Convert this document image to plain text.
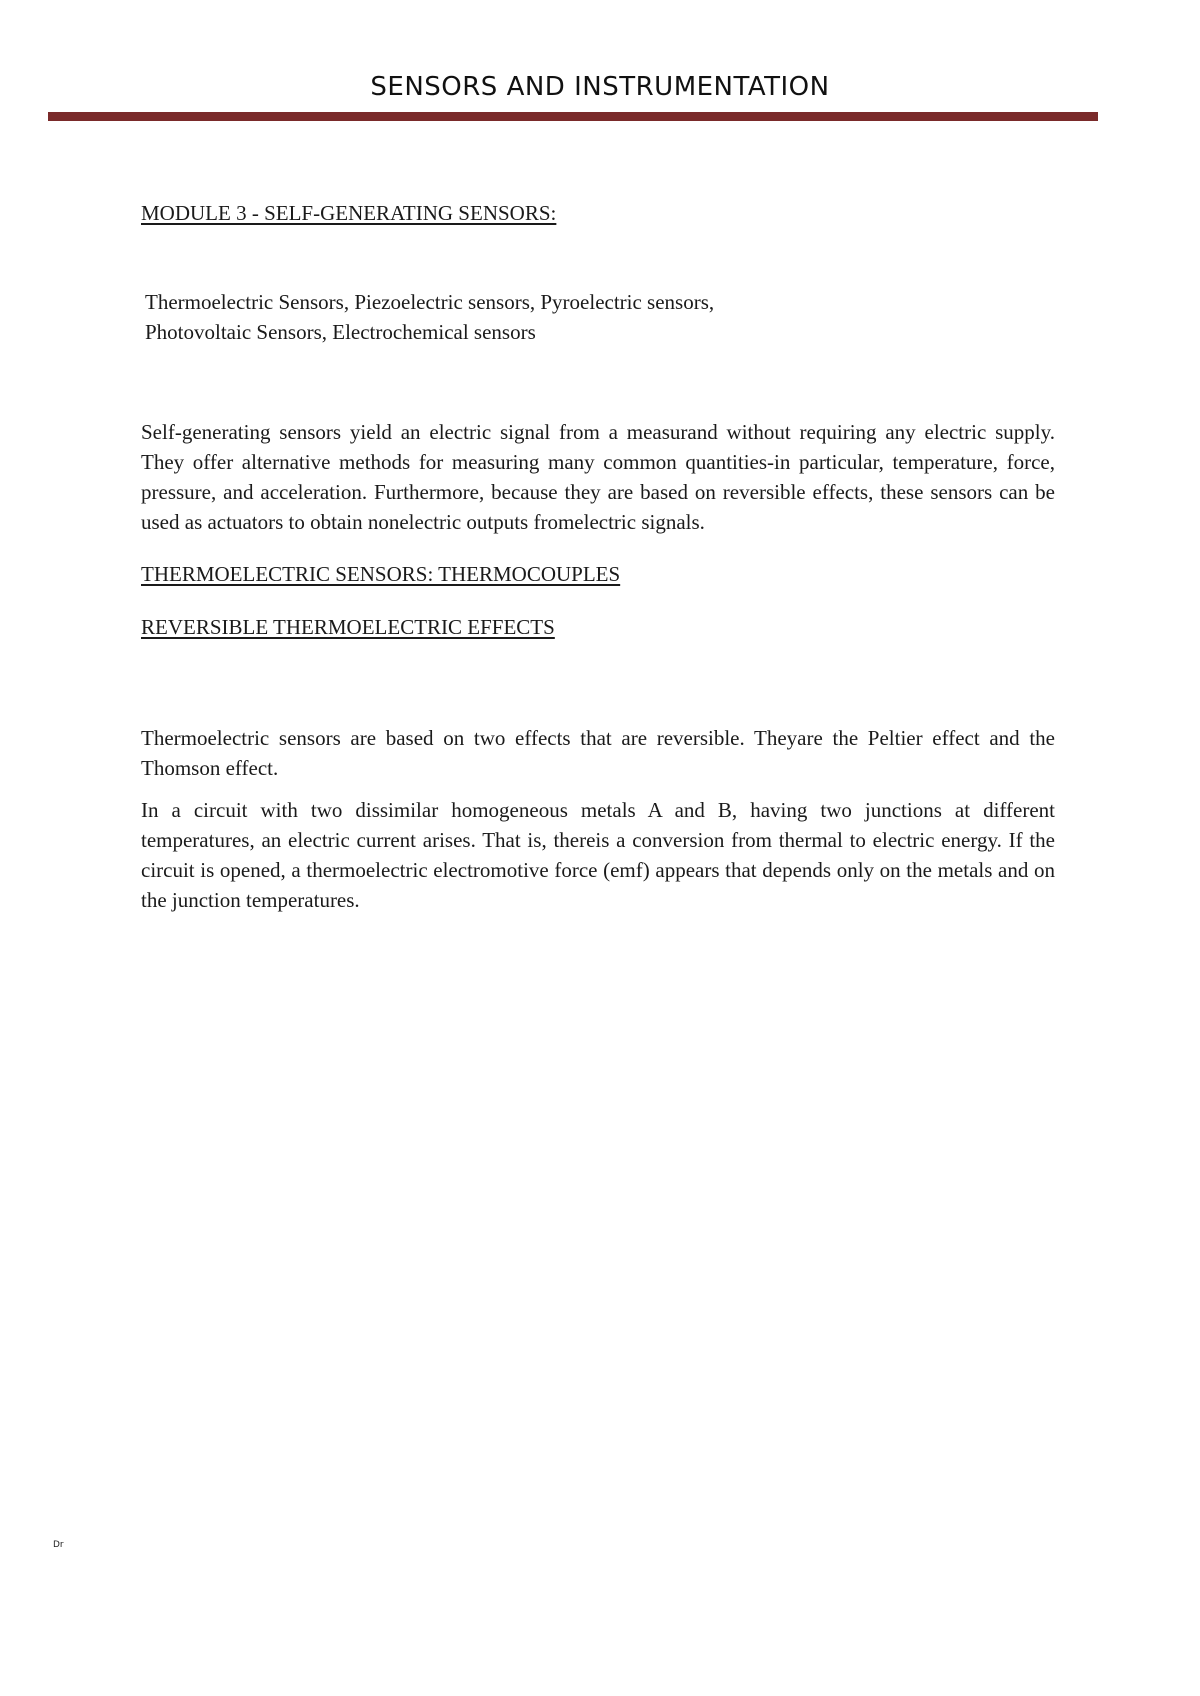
SENSORS AND INSTRUMENTATION

MODULE 3 - SELF-GENERATING SENSORS:

Thermoelectric Sensors, Piezoelectric sensors, Pyroelectric sensors,
Photovoltaic Sensors, Electrochemical sensors

Self-generating sensors yield an electric signal from a measurand without requiring any electric supply. They offer alternative methods for measuring many common quantities-in particular, temperature, force, pressure, and acceleration. Furthermore, because they are based on reversible effects, these sensors can be used as actuators to obtain nonelectric outputs fromelectric signals.

THERMOELECTRIC SENSORS: THERMOCOUPLES

REVERSIBLE THERMOELECTRIC EFFECTS

Thermoelectric sensors are based on two effects that are reversible. Theyare the Peltier effect and the Thomson effect.

In a circuit with two dissimilar homogeneous metals A and B, having two junctions at different temperatures, an electric current arises. That is, thereis a conversion from thermal to electric energy. If the circuit is opened, a thermoelectric electromotive force (emf) appears that depends only on the metals and on the junction temperatures.

Dr
